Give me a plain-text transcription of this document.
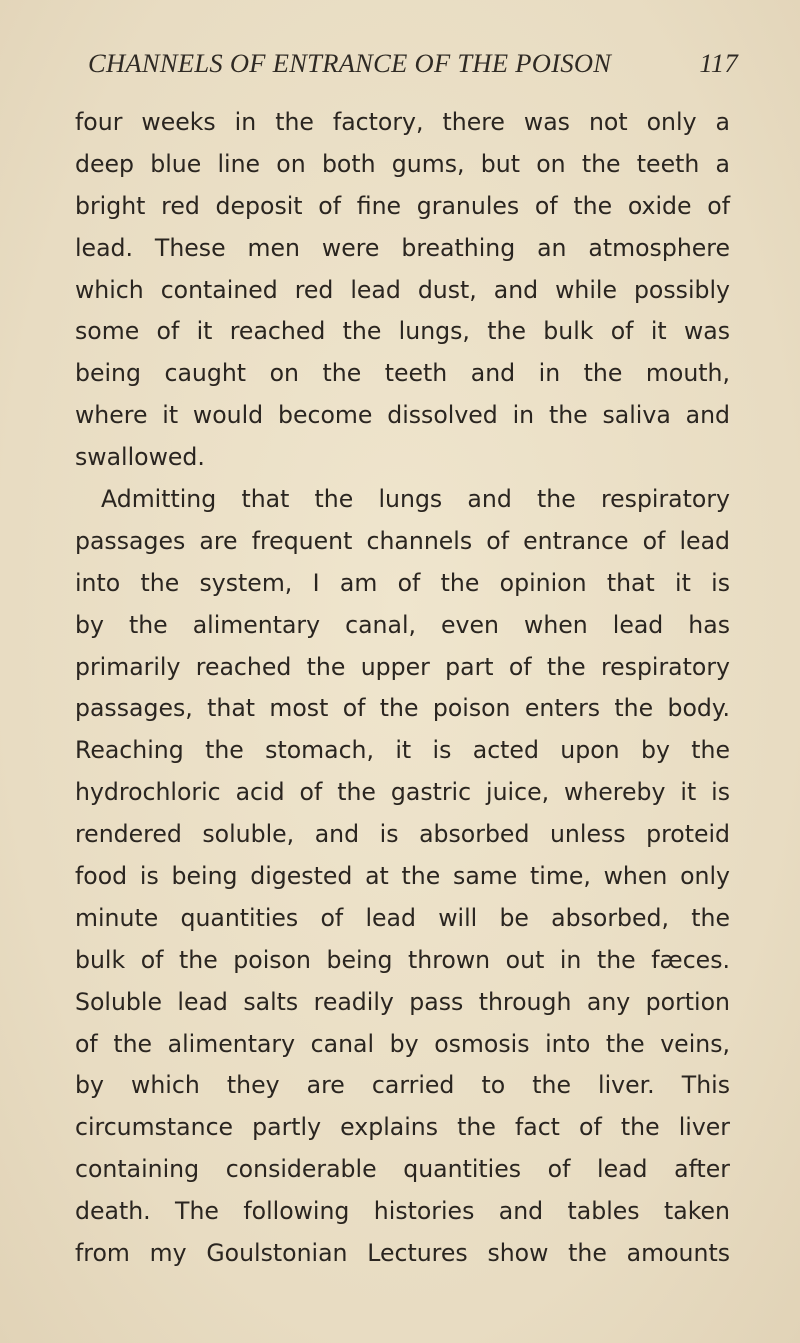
CHANNELS OF ENTRANCE OF THE POISON	117
four weeks in the factory, there was not only a
deep blue line on both gums, but on the teeth a
bright red deposit of fine granules of the oxide of
lead. These men were breathing an atmosphere
which contained red lead dust, and while possibly
some of it reached the lungs, the bulk of it was
being caught on the teeth and in the mouth,
where it would become dissolved in the saliva and
swallowed.
Admitting that the lungs and the respiratory
passages are frequent channels of entrance of lead
into the system, I am of the opinion that it is
by the alimentary canal, even when lead has
primarily reached the upper part of the respiratory
passages, that most of the poison enters the body.
Reaching the stomach, it is acted upon by the
hydrochloric acid of the gastric juice, whereby it is
rendered soluble, and is absorbed unless proteid
food is being digested at the same time, when only
minute quantities of lead will be absorbed, the
bulk of the poison being thrown out in the fæces.
Soluble lead salts readily pass through any portion
of the alimentary canal by osmosis into the veins,
by which they are carried to the liver. This
circumstance partly explains the fact of the liver
containing considerable quantities of lead after
death. The following histories and tables taken
from my Goulstonian Lectures show the amounts
